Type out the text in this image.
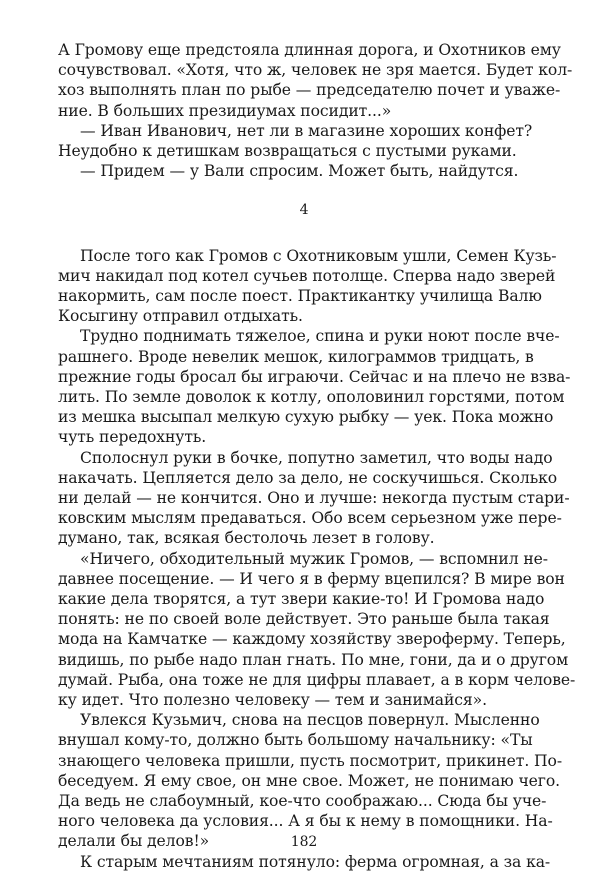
А Громову еще предстояла длинная дорога, и Охотников ему
сочувствовал. «Хотя, что ж, человек не зря мается. Будет кол-
хоз выполнять план по рыбе — председателю почет и уваже-
ние. В больших президиумах посидит...»
— Иван Иванович, нет ли в магазине хороших конфет?
Неудобно к детишкам возвращаться с пустыми руками.
— Придем — у Вали спросим. Может быть, найдутся.
4
После того как Громов с Охотниковым ушли, Семен Кузь-
мич накидал под котел сучьев потолще. Сперва надо зверей
накормить, сам после поест. Практикантку училища Валю
Косыгину отправил отдыхать.
Трудно поднимать тяжелое, спина и руки ноют после вче-
рашнего. Вроде невелик мешок, килограммов тридцать, в
прежние годы бросал бы играючи. Сейчас и на плечо не взва-
лить. По земле доволок к котлу, ополовинил горстями, потом
из мешка высыпал мелкую сухую рыбку — уек. Пока можно
чуть передохнуть.
Сполоснул руки в бочке, попутно заметил, что воды надо
накачать. Цепляется дело за дело, не соскучишься. Сколько
ни делай — не кончится. Оно и лучше: некогда пустым стари-
ковским мыслям предаваться. Обо всем серьезном уже пере-
думано, так, всякая бестолочь лезет в голову.
«Ничего, обходительный мужик Громов, — вспомнил не-
давнее посещение. — И чего я в ферму вцепился? В мире вон
какие дела творятся, а тут звери какие-то! И Громова надо
понять: не по своей воле действует. Это раньше была такая
мода на Камчатке — каждому хозяйству звероферму. Теперь,
видишь, по рыбе надо план гнать. По мне, гони, да и о другом
думай. Рыба, она тоже не для цифры плавает, а в корм челове-
ку идет. Что полезно человеку — тем и занимайся».
Увлекся Кузьмич, снова на песцов повернул. Мысленно
внушал кому-то, должно быть большому начальнику: «Ты
знающего человека пришли, пусть посмотрит, прикинет. По-
беседуем. Я ему свое, он мне свое. Может, не понимаю чего.
Да ведь не слабоумный, кое-что соображаю... Сюда бы уче-
ного человека да условия... А я бы к нему в помощники. На-
делали бы делов!»
К старым мечтаниям потянуло: ферма огромная, а за ка-
182
